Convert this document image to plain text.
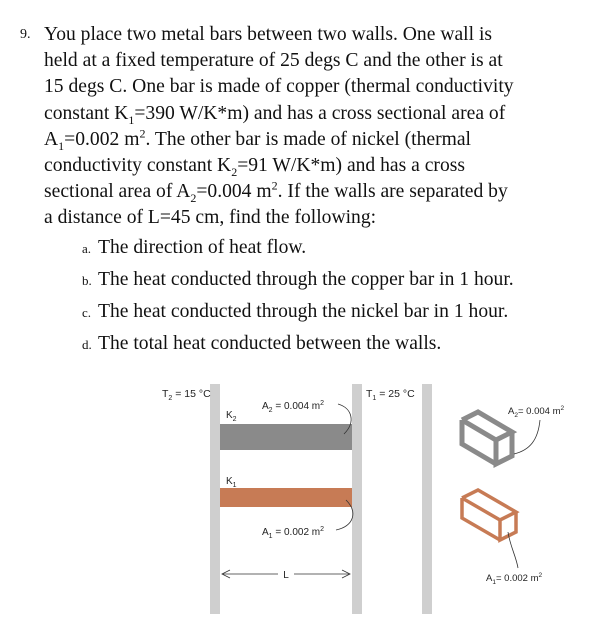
9. You place two metal bars between two walls. One wall is
held at a fixed temperature of 25 degs C and the other is at
15 degs C. One bar is made of copper (thermal conductivity
constant $K_1=390$ W/K*m) and has a cross sectional area of
$A_1=0.002$ $m^2$. The other bar is made of nickel (thermal
conductivity constant $K_2=91$ W/K*m) and has a cross
sectional area of $A_2=0.004$ $m^2$. If the walls are separated by
a distance of L=45 cm, find the following:
a. The direction of heat flow.
b. The heat conducted through the copper bar in 1 hour.
c. The heat conducted through the nickel bar in 1 hour.
d. The total heat conducted between the walls.
$T_2 = 15$ °C	$T_1 = 25$ °C
$K_2$
$K_1$
$A_2 = 0.004$ $m^2$
$A_1 = 0.002$ $m^2$
L
$A_2= 0.004$ $m^2$
$A_1= 0.002$ $m^2$
